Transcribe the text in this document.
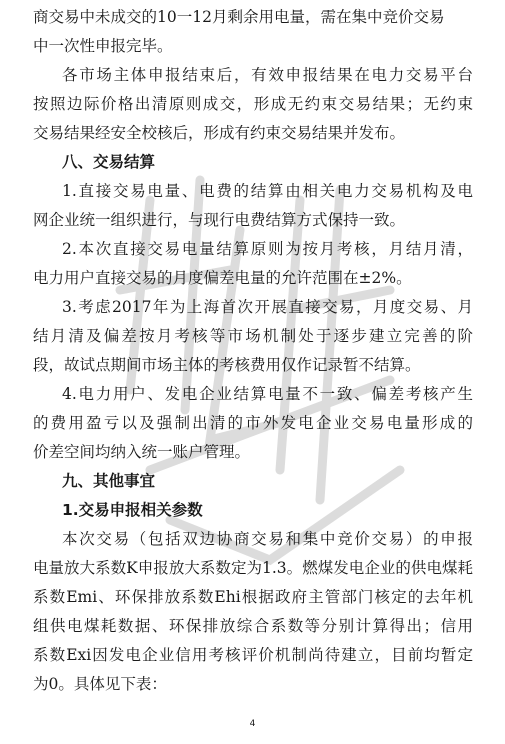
商交易中未成交的10一12月剩余用电量，需在集中竞价交易
中一次性申报完毕。
各市场主体申报结束后，有效申报结果在电力交易平台
按照边际价格出清原则成交，形成无约束交易结果；无约束
交易结果经安全校核后，形成有约束交易结果并发布。
八、交易结算
1.直接交易电量、电费的结算由相关电力交易机构及电
网企业统一组织进行，与现行电费结算方式保持一致。
2.本次直接交易电量结算原则为按月考核，月结月清，
电力用户直接交易的月度偏差电量的允许范围在±2%。
3.考虑2017年为上海首次开展直接交易，月度交易、月
结月清及偏差按月考核等市场机制处于逐步建立完善的阶
段，故试点期间市场主体的考核费用仅作记录暂不结算。
4.电力用户、发电企业结算电量不一致、偏差考核产生
的费用盈亏以及强制出清的市外发电企业交易电量形成的
价差空间均纳入统一账户管理。
九、其他事宜
1.交易申报相关参数
本次交易（包括双边协商交易和集中竞价交易）的申报
电量放大系数K申报放大系数定为1.3。燃煤发电企业的供电煤耗
系数Emi、环保排放系数Ehi根据政府主管部门核定的去年机
组供电煤耗数据、环保排放综合系数等分别计算得出；信用
系数Exi因发电企业信用考核评价机制尚待建立，目前均暂定
为0。具体见下表：
4
